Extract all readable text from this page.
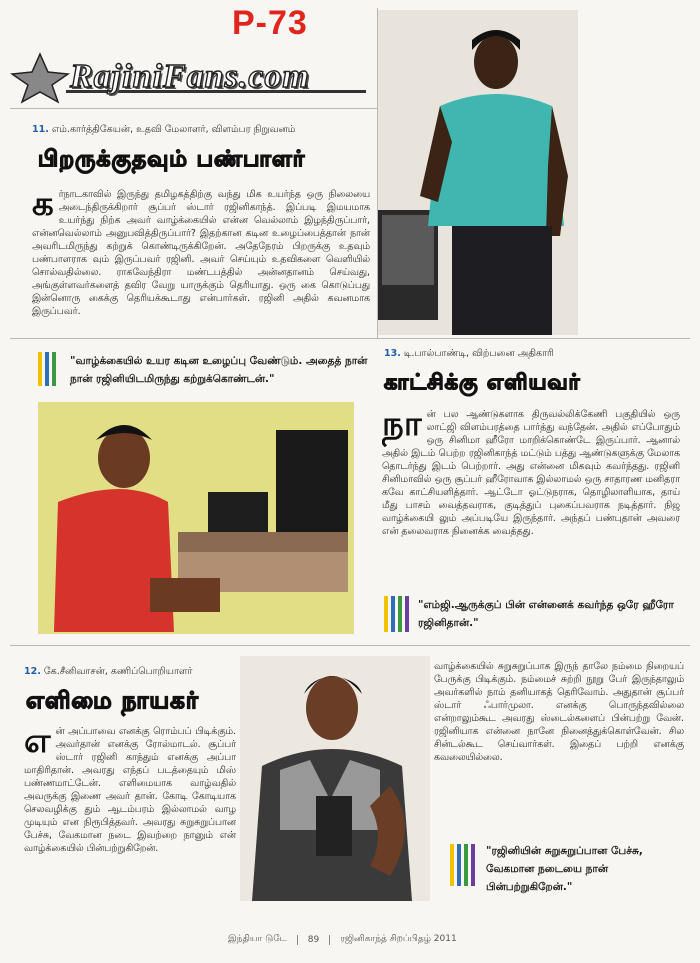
P-73
RajiniFans.com
11. எம்.கார்த்திகேயன், உதவி மேலாளர், விளம்பர நிறுவனம்
பிறருக்குதவும் பண்பாளர்
கர்நாடகாவில் இருந்து தமிழகத்திற்கு வந்து மிக உயர்ந்த ஒரு நிலையை அடைந்திருக்கிறார் சூப்பர் ஸ்டார் ரஜினிகாந்த். இப்படி இமயமாக உயர்ந்து நிற்க அவர் வாழ்க்கையில் என்ன வெல்லாம் இழந்திருப்பார், என்னவெல்லாம் அனுபவித்திருப்பார்? இதற்கான கடின உழைப்பைத்தான் நான் அவரிடமிருந்து கற்றுக் கொண்டிருக்கிறேன். அதேநேரம் பிறருக்கு உதவும் பண்பாளராக வும் இருப்பவர் ரஜினி. அவர் செய்யும் உதவிகளை வெளியில் சொல்வதில்லை. ராகவேந்திரா மண்டபத்தில் அன்னதானம் செய்வது, அங்குள்ளவர்களைத் தவிர வேறு யாருக்கும் தெரியாது. ஒரு கை கொடுப்பது இன்னொரு கைக்கு தெரியக்கூடாது என்பார்கள். ரஜினி அதில் கவனமாக இருப்பவர்.
"வாழ்க்கையில் உயர கடின உழைப்பு வேண்டும். அதைத் நான் நான் ரஜினியிடமிருந்து கற்றுக்கொண்டன்."
13. டி.பால்பாண்டி, விற்பனை அதிகாரி
காட்சிக்கு எளியவர்
நான் பல ஆண்டுகளாக திருவல்லிக்கேணி பகுதியில் ஒரு லாட்ஜி விளம்பரத்தை பார்த்து வந்தேன். அதில் எப்போதும் ஒரு சினிமா ஹீரோ மாறிக்கொண்டே இருப்பார். ஆனால் அதில் இடம் பெற்ற ரஜினிகாந்த் மட்டும் பத்து ஆண்டுகளுக்கு மேலாக தொடர்ந்து இடம் பெற்றார். அது என்னை மிகவும் கவர்ந்தது. ரஜினி சினிமாவில் ஒரு சூப்பர் ஹீரோவாக இல்லாமல் ஒரு சாதாரண மனிதரா கவே காட்சியளித்தார். ஆட்டோ ஓட்டுநராக, தொழிலாளியாக, தாய் மீது பாசம் வைத்தவராக, குடித்துப் புகைப்பவராக நடித்தார். நிஜ வாழ்க்கையி லும் அப்படியே இருந்தார். அந்தப் பண்புதான் அவரை என் தலைவராக நினைக்க வைத்தது.
"எம்ஜி.ஆருக்குப் பின் என்னைக் கவர்ந்த ஒரே ஹீரோ ரஜினிதான்."
12. கே.சீனிவாசன், கணிப்பொறியாளர்
எளிமை நாயகர்
என் அப்பாவை எனக்கு ரொம்பப் பிடிக்கும். அவர்தான் எனக்கு ரோல்மாடல். சூப்பர் ஸ்டார் ரஜினி காந்தும் எனக்கு அப்பா மாதிரிதான். அவரது எந்தப் படத்தையும் மிஸ் பண்ணமாட்டேன். எளிமையாக வாழ்வதில் அவருக்கு இணை அவர் தான். கோடி கோடியாக செலவழிக்கு தும் ஆடம்பரம் இல்லாமல் வாழ முடியும் என நிரூபித்தவர். அவரது சுறுசுறுப்பான பேச்சு, வேகமான நடை இவற்றை நானும் என் வாழ்க்கையில் பின்பற்றுகிறேன்.
வாழ்க்கையில் சுறுசுறுப்பாக இருந் தாலே நம்மை நிறையப் பேருக்கு பிடிக்கும். நம்மைச் சுற்றி நூறு பேர் இருந்தாலும் அவர்களில் நாம் தனியாகத் தெரிவோம். அதுதான் சூப்பர் ஸ்டார் ஃபார்முலா. எனக்கு பொருந்தவில்லை என்றாலும்கூட அவரது ஸ்டைல்களைப் பின்பற்று வேன். ரஜினியாக என்னை நானே நினைத்துக்கொள்வேன். சில சின்டல்கூட செய்வார்கள். இதைப் பற்றி எனக்கு கவலையில்லை.
"ரஜினியின் சுறுசுறுப்பான பேச்சு, வேகமான நடையை நான் பின்பற்றுகிறேன்."
இந்தியா டுடே 89 ரஜினிகாந்த் சிறப்பிதழ் 2011
